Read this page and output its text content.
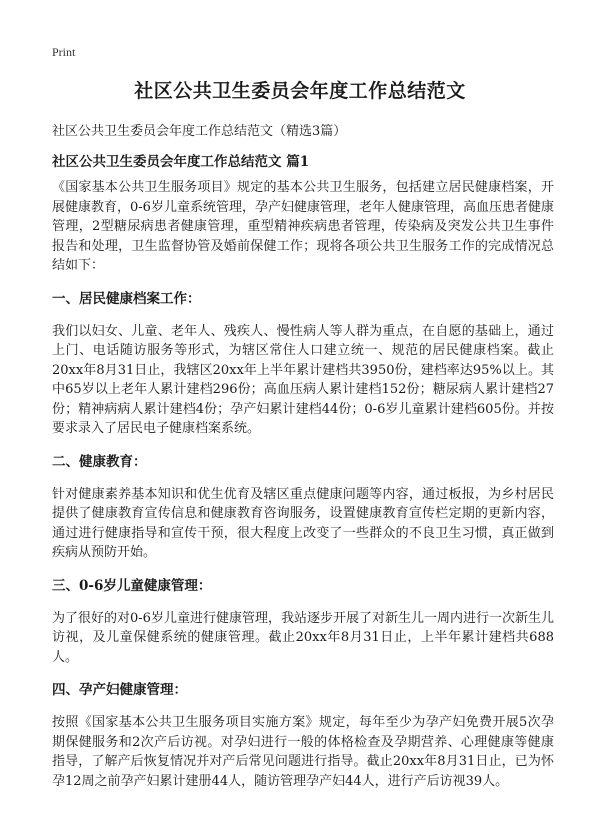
Print
社区公共卫生委员会年度工作总结范文

社区公共卫生委员会年度工作总结范文（精选3篇）

社区公共卫生委员会年度工作总结范文 篇1

《国家基本公共卫生服务项目》规定的基本公共卫生服务，包括建立居民健康档案，开展健康教育，0-6岁儿童系统管理，孕产妇健康管理，老年人健康管理，高血压患者健康管理，2型糖尿病患者健康管理，重型精神疾病患者管理，传染病及突发公共卫生事件报告和处理，卫生监督协管及婚前保健工作；现将各项公共卫生服务工作的完成情况总结如下：

一、居民健康档案工作：

我们以妇女、儿童、老年人、残疾人、慢性病人等人群为重点，在自愿的基础上，通过上门、电话随访服务等形式，为辖区常住人口建立统一、规范的居民健康档案。截止20xx年8月31日止，我辖区20xx年上半年累计建档共3950份，建档率达95%以上。其中65岁以上老年人累计建档296份；高血压病人累计建档152份；糖尿病人累计建档27份；精神病病人累计建档4份；孕产妇累计建档44份；0-6岁儿童累计建档605份。并按要求录入了居民电子健康档案系统。

二、健康教育：

针对健康素养基本知识和优生优育及辖区重点健康问题等内容，通过板报，为乡村居民提供了健康教育宣传信息和健康教育咨询服务，设置健康教育宣传栏定期的更新内容，通过进行健康指导和宣传干预，很大程度上改变了一些群众的不良卫生习惯，真正做到疾病从预防开始。

三、0-6岁儿童健康管理：

为了很好的对0-6岁儿童进行健康管理，我站逐步开展了对新生儿一周内进行一次新生儿访视，及儿童保健系统的健康管理。截止20xx年8月31日止，上半年累计建档共688人。

四、孕产妇健康管理：

按照《国家基本公共卫生服务项目实施方案》规定，每年至少为孕产妇免费开展5次孕期保健服务和2次产后访视。对孕妇进行一般的体格检查及孕期营养、心理健康等健康指导，了解产后恢复情况并对产后常见问题进行指导。截止20xx年8月31日止，已为怀孕12周之前孕产妇累计建册44人，随访管理孕产妇44人，进行产后访视39人。
